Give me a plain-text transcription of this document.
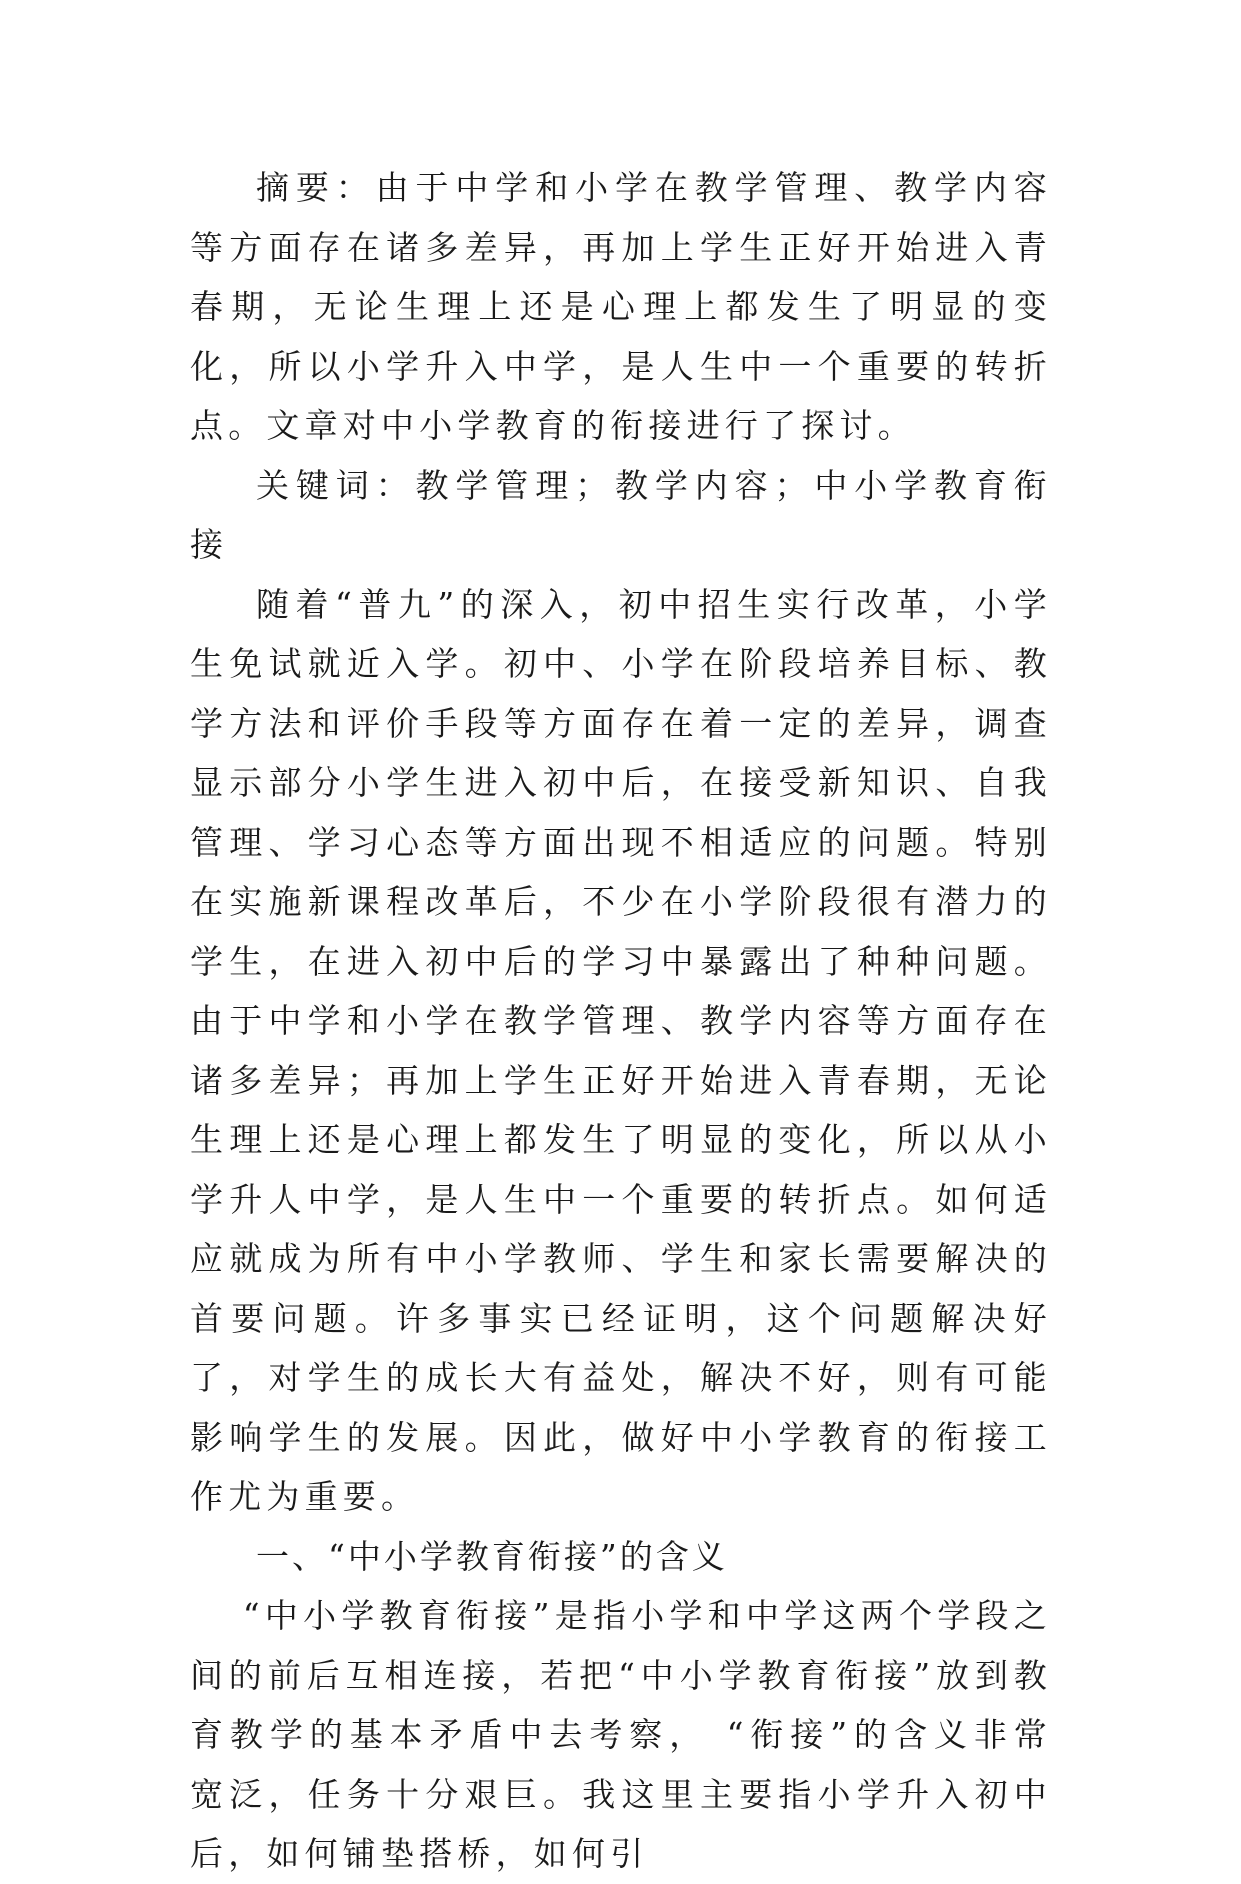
摘要：由于中学和小学在教学管理、教学内容等方面存在诸多差异，再加上学生正好开始进入青春期，无论生理上还是心理上都发生了明显的变化，所以小学升入中学，是人生中一个重要的转折点。文章对中小学教育的衔接进行了探讨。

关键词：教学管理；教学内容；中小学教育衔接

随着“普九”的深入，初中招生实行改革，小学生免试就近入学。初中、小学在阶段培养目标、教学方法和评价手段等方面存在着一定的差异，调查显示部分小学生进入初中后，在接受新知识、自我管理、学习心态等方面出现不相适应的问题。特别在实施新课程改革后，不少在小学阶段很有潜力的学生，在进入初中后的学习中暴露出了种种问题。由于中学和小学在教学管理、教学内容等方面存在诸多差异；再加上学生正好开始进入青春期，无论生理上还是心理上都发生了明显的变化，所以从小学升人中学，是人生中一个重要的转折点。如何适应就成为所有中小学教师、学生和家长需要解决的首要问题。许多事实已经证明，这个问题解决好了，对学生的成长大有益处，解决不好，则有可能影响学生的发展。因此，做好中小学教育的衔接工作尤为重要。

一、“中小学教育衔接”的含义

“中小学教育衔接”是指小学和中学这两个学段之间的前后互相连接，若把“中小学教育衔接”放到教育教学的基本矛盾中去考察， “衔接”的含义非常宽泛，任务十分艰巨。我这里主要指小学升入初中后，如何铺垫搭桥，如何引
